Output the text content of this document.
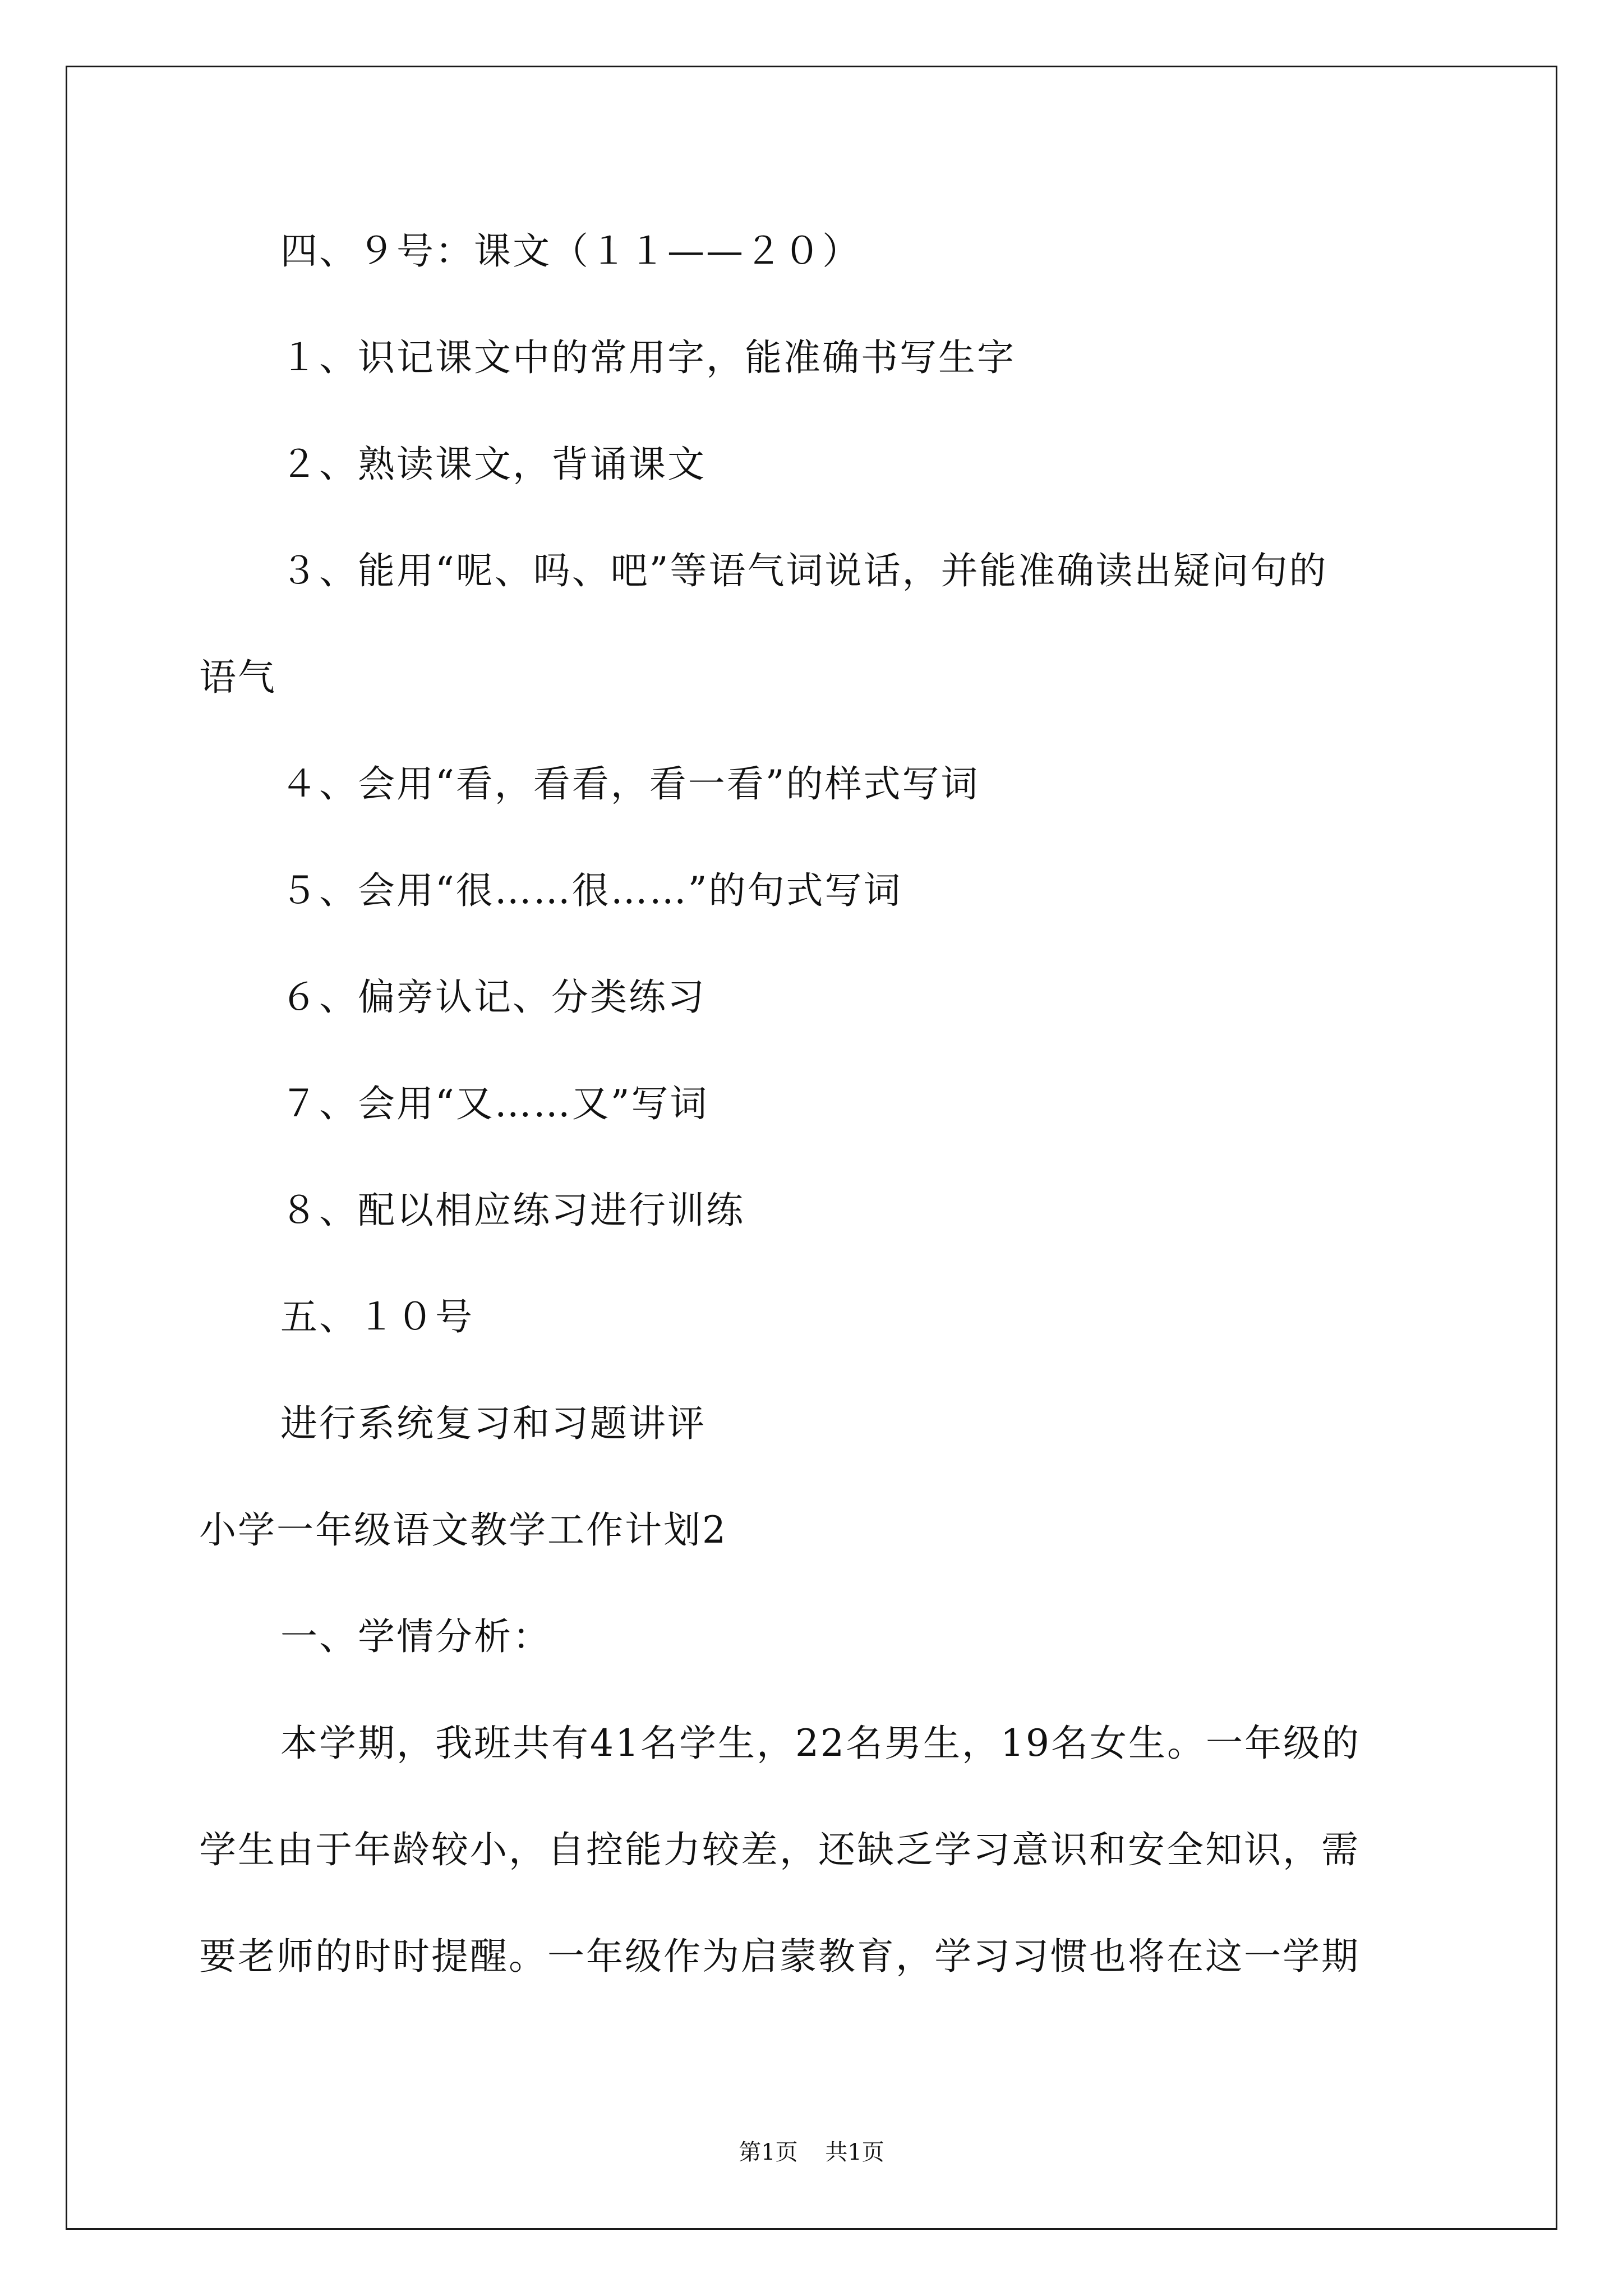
四、９号：课文（１１——２０）
１、识记课文中的常用字，能准确书写生字
２、熟读课文，背诵课文
３、能用“呢、吗、吧”等语气词说话，并能准确读出疑问句的
语气
４、会用“看，看看，看一看”的样式写词
５、会用“很……很……”的句式写词
６、偏旁认记、分类练习
７、会用“又……又”写词
８、配以相应练习进行训练
五、１０号
进行系统复习和习题讲评
小学一年级语文教学工作计划2
一、学情分析：
本学期，我班共有41名学生，22名男生，19名女生。一年级的
学生由于年龄较小，自控能力较差，还缺乏学习意识和安全知识，需
要老师的时时提醒。一年级作为启蒙教育，学习习惯也将在这一学期
第1页 共1页
